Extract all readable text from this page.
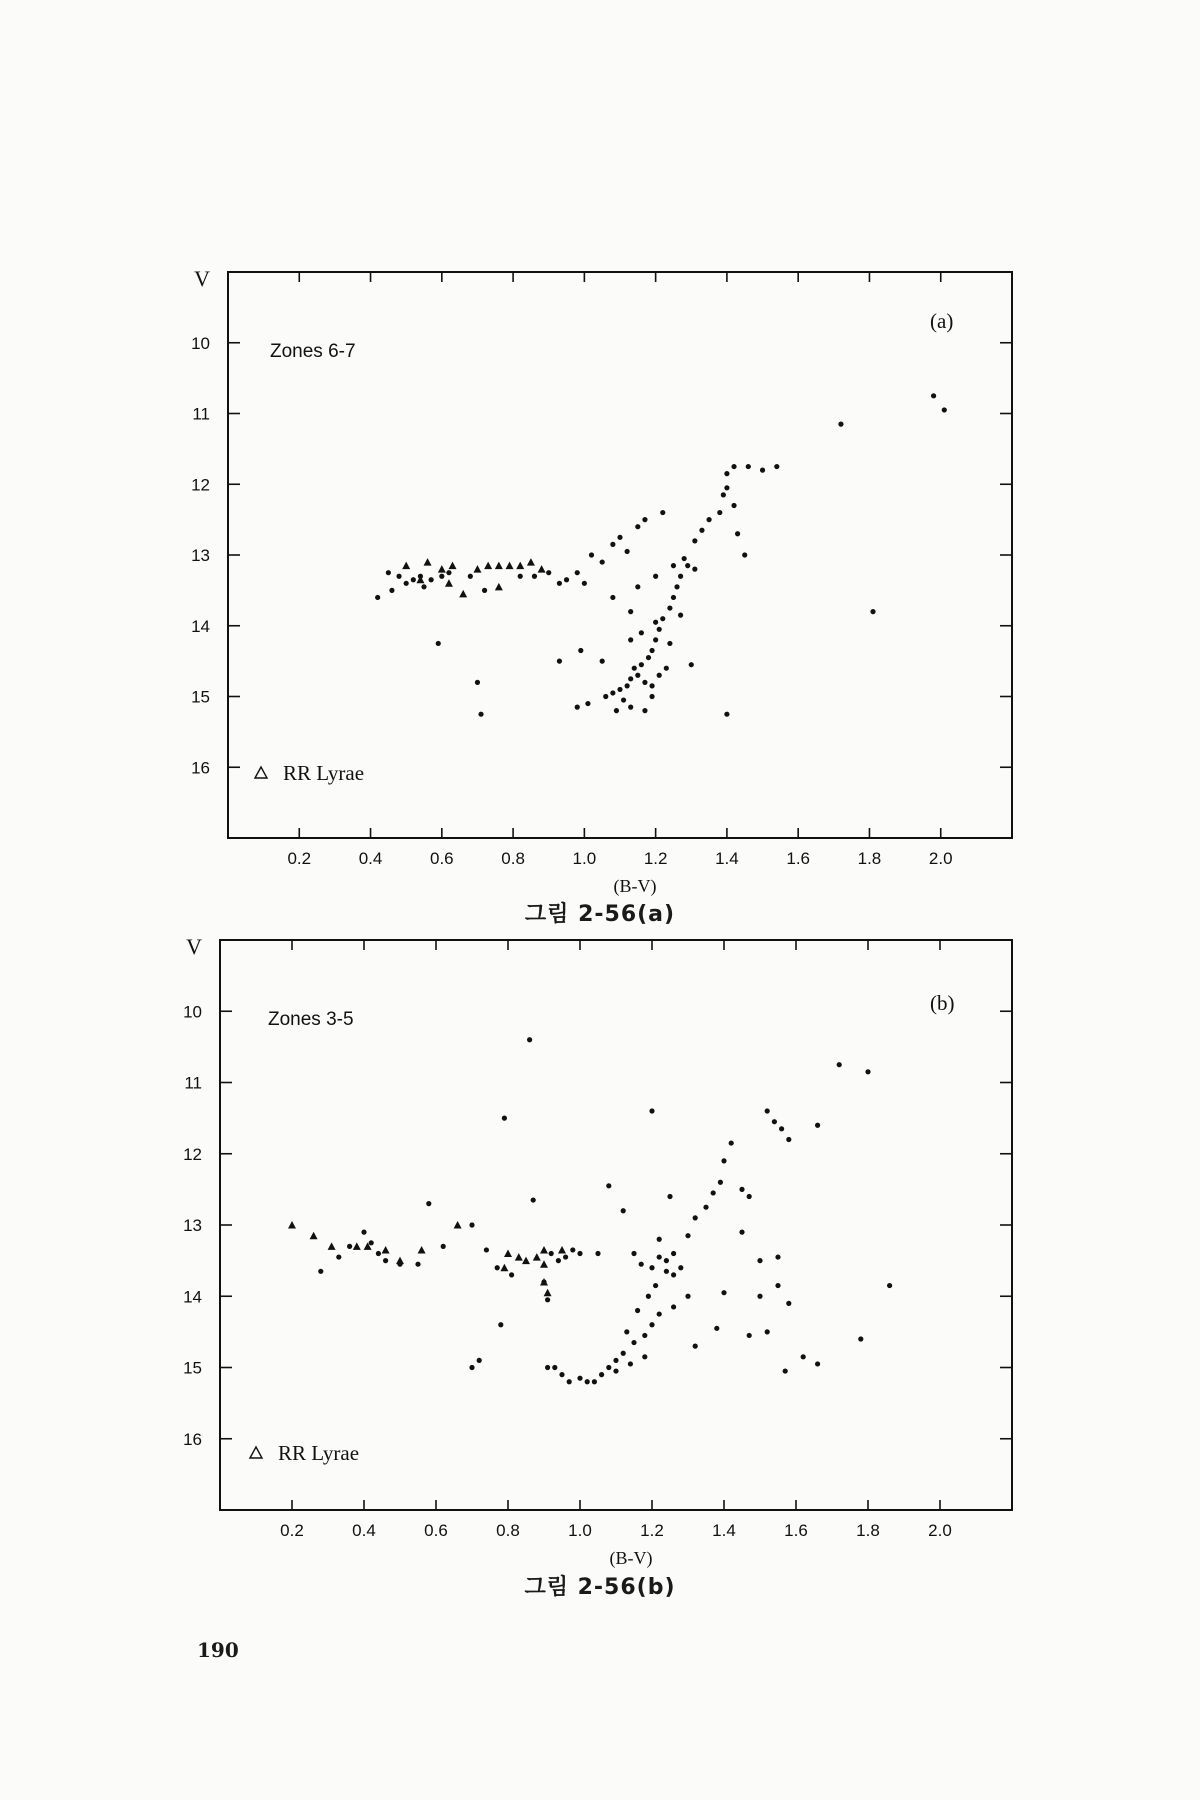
0.2	0.4	0.6	0.8	1.0	1.2	1.4	1.6	1.8	2.0
10
11
12
13
14
15
16
V
(B-V)
Zones 6-7
(a)
RR Lyrae
0.2	0.4	0.6	0.8	1.0	1.2	1.4	1.6	1.8	2.0
10
11
12
13
14
15
16
V
(B-V)
Zones 3-5
(b)
RR Lyrae
그림 2-56(a)
그림 2-56(b)
190
